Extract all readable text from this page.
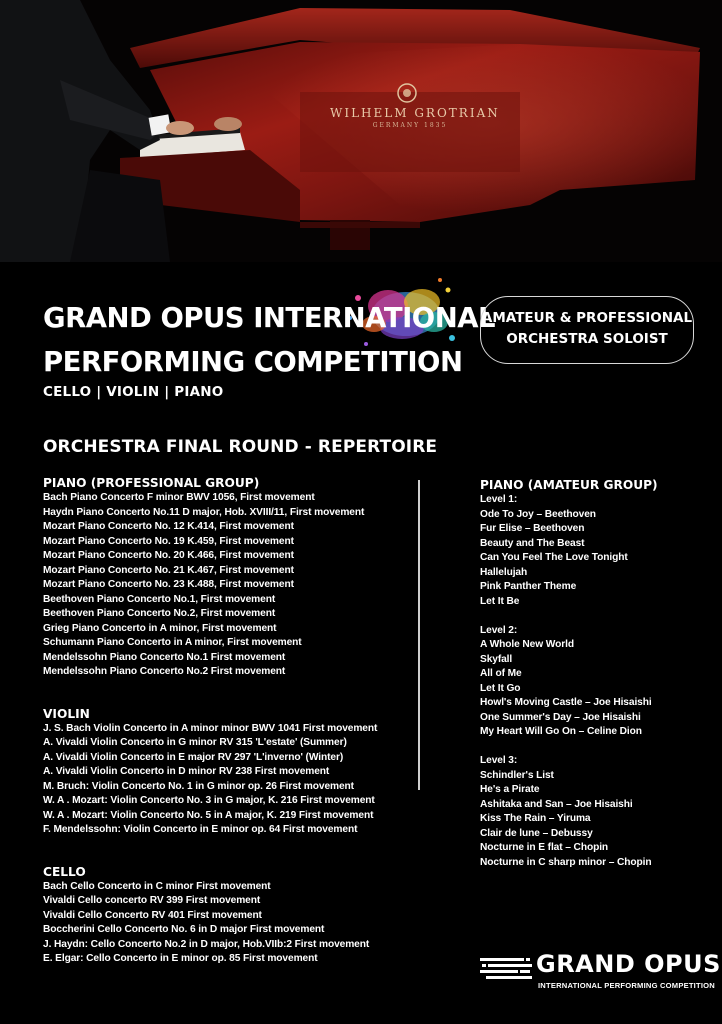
WILHELM GROTRIAN
GERMANY 1835
GRAND OPUS INTERNATIONAL
PERFORMING COMPETITION
CELLO | VIOLIN | PIANO
AMATEUR & PROFESSIONAL
ORCHESTRA SOLOIST
ORCHESTRA FINAL ROUND - REPERTOIRE
PIANO (PROFESSIONAL GROUP)
Bach Piano Concerto F minor BWV 1056, First movement
Haydn Piano Concerto No.11 D major, Hob. XVIII/11, First movement
Mozart Piano Concerto No. 12 K.414, First movement
Mozart Piano Concerto No. 19 K.459, First movement
Mozart Piano Concerto No. 20 K.466, First movement
Mozart Piano Concerto No. 21 K.467, First movement
Mozart Piano Concerto No. 23 K.488, First movement
Beethoven Piano Concerto No.1, First movement
Beethoven Piano Concerto No.2, First movement
Grieg Piano Concerto in A minor, First movement
Schumann Piano Concerto in A minor, First movement
Mendelssohn Piano Concerto No.1 First movement
Mendelssohn Piano Concerto No.2 First movement
VIOLIN
J. S. Bach Violin Concerto in A minor minor BWV 1041 First movement
A. Vivaldi Violin Concerto in G minor RV 315 'L'estate' (Summer)
A. Vivaldi Violin Concerto in E major RV 297 'L'inverno' (Winter)
A. Vivaldi Violin Concerto in D minor RV 238 First movement
M. Bruch: Violin Concerto No. 1 in G minor op. 26 First movement
W. A . Mozart: Violin Concerto No. 3 in G major, K. 216 First movement
W. A . Mozart: Violin Concerto No. 5 in A major, K. 219 First movement
F. Mendelssohn: Violin Concerto in E minor op. 64 First movement
CELLO
Bach Cello Concerto in C minor First movement
Vivaldi Cello concerto RV 399 First movement
Vivaldi Cello Concerto RV 401 First movement
Boccherini Cello Concerto No. 6 in D major First movement
J. Haydn: Cello Concerto No.2 in D major, Hob.VIIb:2 First movement
E. Elgar: Cello Concerto in E minor op. 85 First movement
PIANO (AMATEUR GROUP)
Level 1:
Ode To Joy – Beethoven
Fur Elise – Beethoven
Beauty and The Beast
Can You Feel The Love Tonight
Hallelujah
Pink Panther Theme
Let It Be
Level 2:
A Whole New World
Skyfall
All of Me
Let It Go
Howl's Moving Castle – Joe Hisaishi
One Summer's Day – Joe Hisaishi
My Heart Will Go On – Celine Dion
Level 3:
Schindler's List
He's a Pirate
Ashitaka and San – Joe Hisaishi
Kiss The Rain – Yiruma
Clair de lune – Debussy
Nocturne in E flat – Chopin
Nocturne in C sharp minor – Chopin
GRAND OPUS
INTERNATIONAL PERFORMING COMPETITION
